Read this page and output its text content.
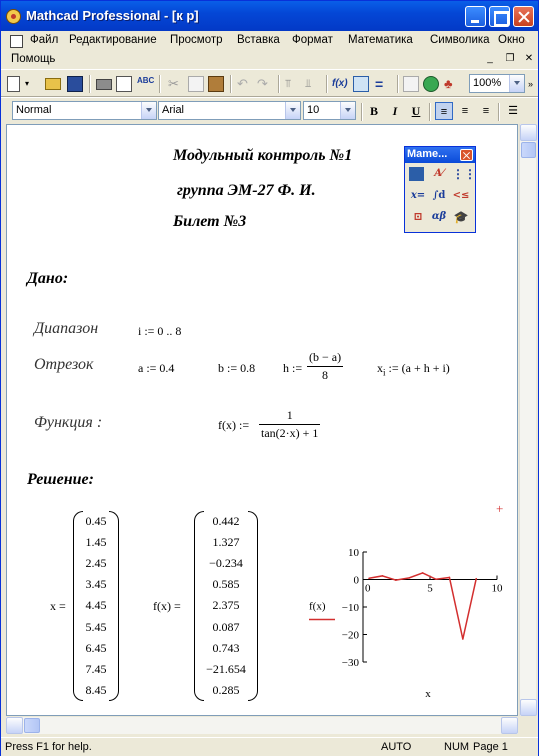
Mathcad Professional - [к р]
Файл Редактирование Просмотр Вставка Формат Математика Символика Окно
Помощь	_	❐ ✕
▾	ABC ✂	↶ ↷	⫪	⫫	f(x) =	♣	100%	»
Normal	Arial	10	B	I	U	≡	≡	≡	☰
Модульный контроль №1
группа ЭМ-27 Ф. И.
Билет №3
Дано:
Диапазон	i := 0 .. 8
Отрезок	a := 0.4	b := 0.8 h :=
(b − a)
8	$x_i$ := (a + h + i)
Функция :	f(x) :=
1
tan(2·x) + 1
Решение:
+
x =
0.45
1.45
2.45
3.45
4.45
5.45
6.45
7.45
8.45
f(x) =
0.442
1.327
−0.234
0.585
2.375
0.087
0.743
−21.654
0.285
10
0
−10
−20
−30
0	5	10
f(x)
x
Mame...
A⁄ ⋮⋮
x= ∫d <≤
⊡ αβ 🎓
Press F1 for help.	AUTO	NUM Page 1
